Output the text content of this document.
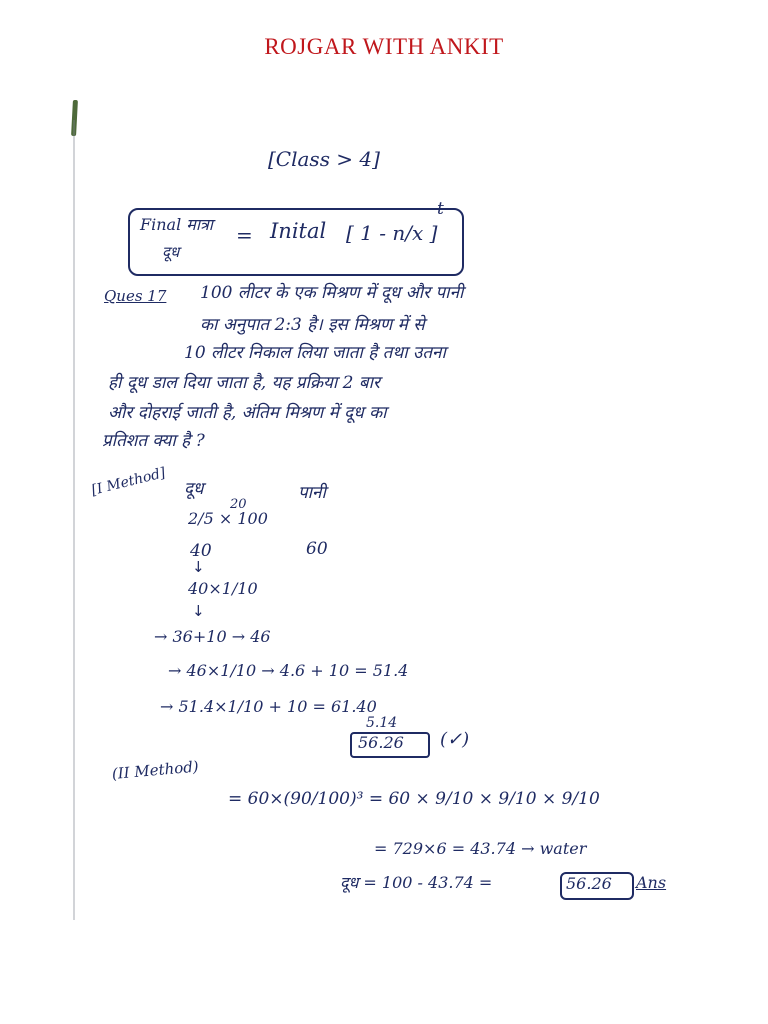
ROJGAR WITH ANKIT
[Class > 4]
Final मात्रा
दूध
= Inital [ 1 - n/x ]
t
Ques 17 100 लीटर के एक मिश्रण में दूध और पानी
का अनुपात 2:3 है। इस मिश्रण में से
10 लीटर निकाल लिया जाता है तथा उतना
ही दूध डाल दिया जाता है, यह प्रक्रिया 2 बार
और दोहराई जाती है, अंतिम मिश्रण में दूध का
प्रतिशत क्या है ?
[I Method] दूध	पानी
20
2/5 × 100
40	60
↓
40×1/10
↓
→ 36+10 → 46
→ 46×1/10 → 4.6 + 10 = 51.4
→ 51.4×1/10 + 10 = 61.40
5.14
56.26 (✓)
(II Method)
= 60×(90/100)³ = 60 × 9/10 × 9/10 × 9/10
= 729×6 = 43.74 → water
दूध = 100 - 43.74 =	56.26 Ans
